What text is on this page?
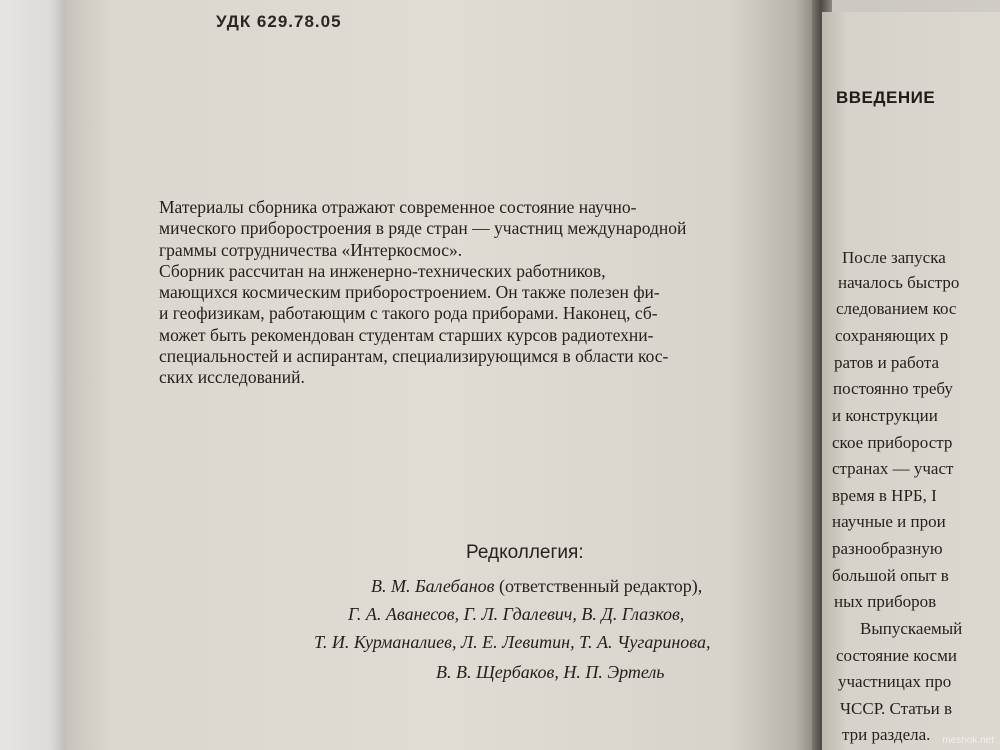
УДК 629.78.05

Материалы сборника отражают современное состояние научно-
мического приборостроения в ряде стран — участниц международной
граммы сотрудничества «Интеркосмос».
Сборник рассчитан на инженерно-технических работников,
мающихся космическим приборостроением. Он также полезен фи-
и геофизикам, работающим с такого рода приборами. Наконец, сб-
может быть рекомендован студентам старших курсов радиотехни-
специальностей и аспирантам, специализирующимся в области кос-
ских исследований.

Редколлегия:

В. М. Балебанов (ответственный редактор),
Г. А. Аванесов, Г. Л. Гдалевич, В. Д. Глазков,
Т. И. Курманалиев, Л. Е. Левитин, Т. А. Чугаринова,
В. В. Щербаков, Н. П. Эртель
ВВЕДЕНИЕ
После запуска
началось быстро
следованием кос
сохраняющих р
ратов и работа
постоянно требу
и конструкции
ское приборостр
странах — участ
время в НРБ, I
научные и прои
разнообразную
большой опыт в
ных приборов
Выпускаемый
состояние косми
участницах про
ЧССР. Статьи в
три раздела. meshok.net
